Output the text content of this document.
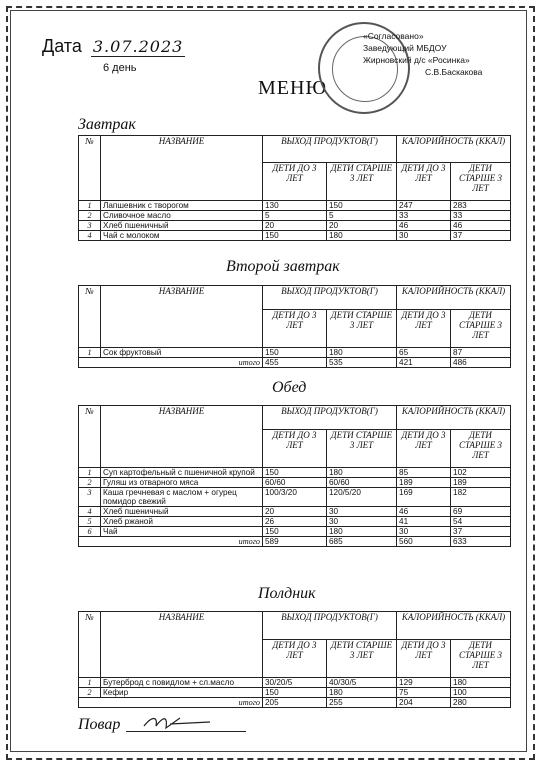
Дата 3.07.2023
6 день
МЕНЮ
«Согласовано»
Заведующий МБДОУ
Жирновский д/с «Росинка»
С.В.Баскакова
Завтрак
№	НАЗВАНИЕ	ВЫХОД ПРОДУКТОВ(Г)		КАЛОРИЙНОСТЬ (ККАЛ)	
		ДЕТИ ДО 3 ЛЕТ	ДЕТИ СТАРШЕ 3 ЛЕТ	ДЕТИ ДО 3 ЛЕТ	ДЕТИ СТАРШЕ 3 ЛЕТ
1	Лапшевник с творогом	130	150	247	283
2	Сливочное масло	5	5	33	33
3	Хлеб пшеничный	20	20	46	46
4	Чай с молоком	150	180	30	37
Второй завтрак
№	НАЗВАНИЕ	ВЫХОД ПРОДУКТОВ(Г)		КАЛОРИЙНОСТЬ (ККАЛ)	
		ДЕТИ ДО 3 ЛЕТ	ДЕТИ СТАРШЕ 3 ЛЕТ	ДЕТИ ДО 3 ЛЕТ	ДЕТИ СТАРШЕ 3 ЛЕТ
1	Сок фруктовый	150	180	65	87
	итого	455	535	421	486
Обед
№	НАЗВАНИЕ	ВЫХОД ПРОДУКТОВ(Г)		КАЛОРИЙНОСТЬ (ККАЛ)	
		ДЕТИ ДО 3 ЛЕТ	ДЕТИ СТАРШЕ 3 ЛЕТ	ДЕТИ ДО 3 ЛЕТ	ДЕТИ СТАРШЕ 3 ЛЕТ
1	Суп картофельный с пшеничной крупой	150	180	85	102
2	Гуляш из отварного мяса	60/60	60/60	189	189
3	Каша гречневая с маслом + огурец помидор свежий	100/3/20	120/5/20	169	182
4	Хлеб пшеничный	20	30	46	69
5	Хлеб ржаной	26	30	41	54
6	Чай	150	180	30	37
	итого	589	685	560	633
Полдник
№	НАЗВАНИЕ	ВЫХОД ПРОДУКТОВ(Г)		КАЛОРИЙНОСТЬ (ККАЛ)	
		ДЕТИ ДО 3 ЛЕТ	ДЕТИ СТАРШЕ 3 ЛЕТ	ДЕТИ ДО 3 ЛЕТ	ДЕТИ СТАРШЕ 3 ЛЕТ
1	Бутерброд с повидлом + сл.масло	30/20/5	40/30/5	129	180
2	Кефир	150	180	75	100
	итого	205	255	204	280
Повар
